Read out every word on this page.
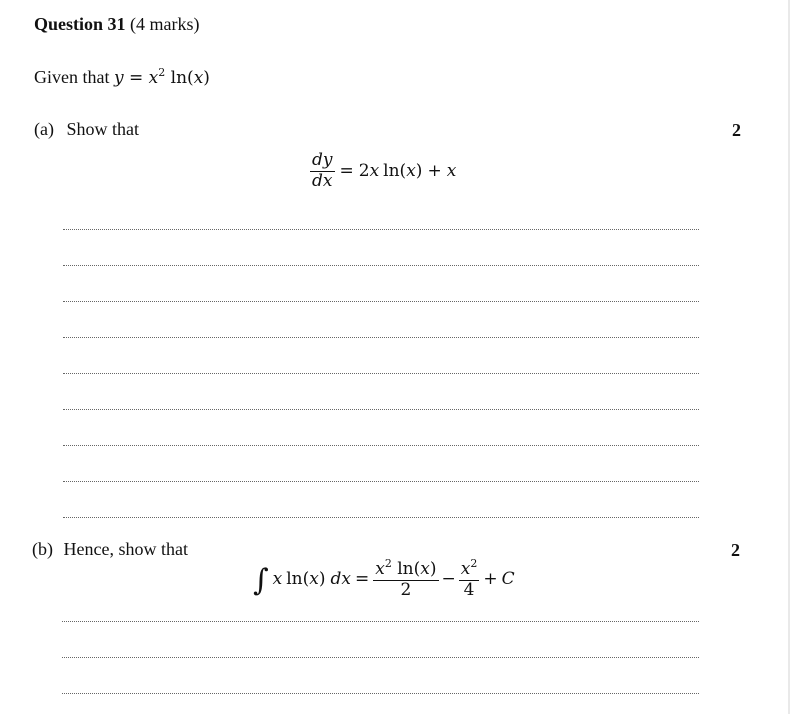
Question 31 (4 marks)
Given that $y = x^2$ ln(x)
(a) Show that	2
$\frac{dy}{dx} = 2$ x ln( x ) + x
(b) Hence, show that	2
∫ x ln( x ) dx = $\frac{x^2 \ln(x)}{2} - \frac{x^2}{4} + C$
